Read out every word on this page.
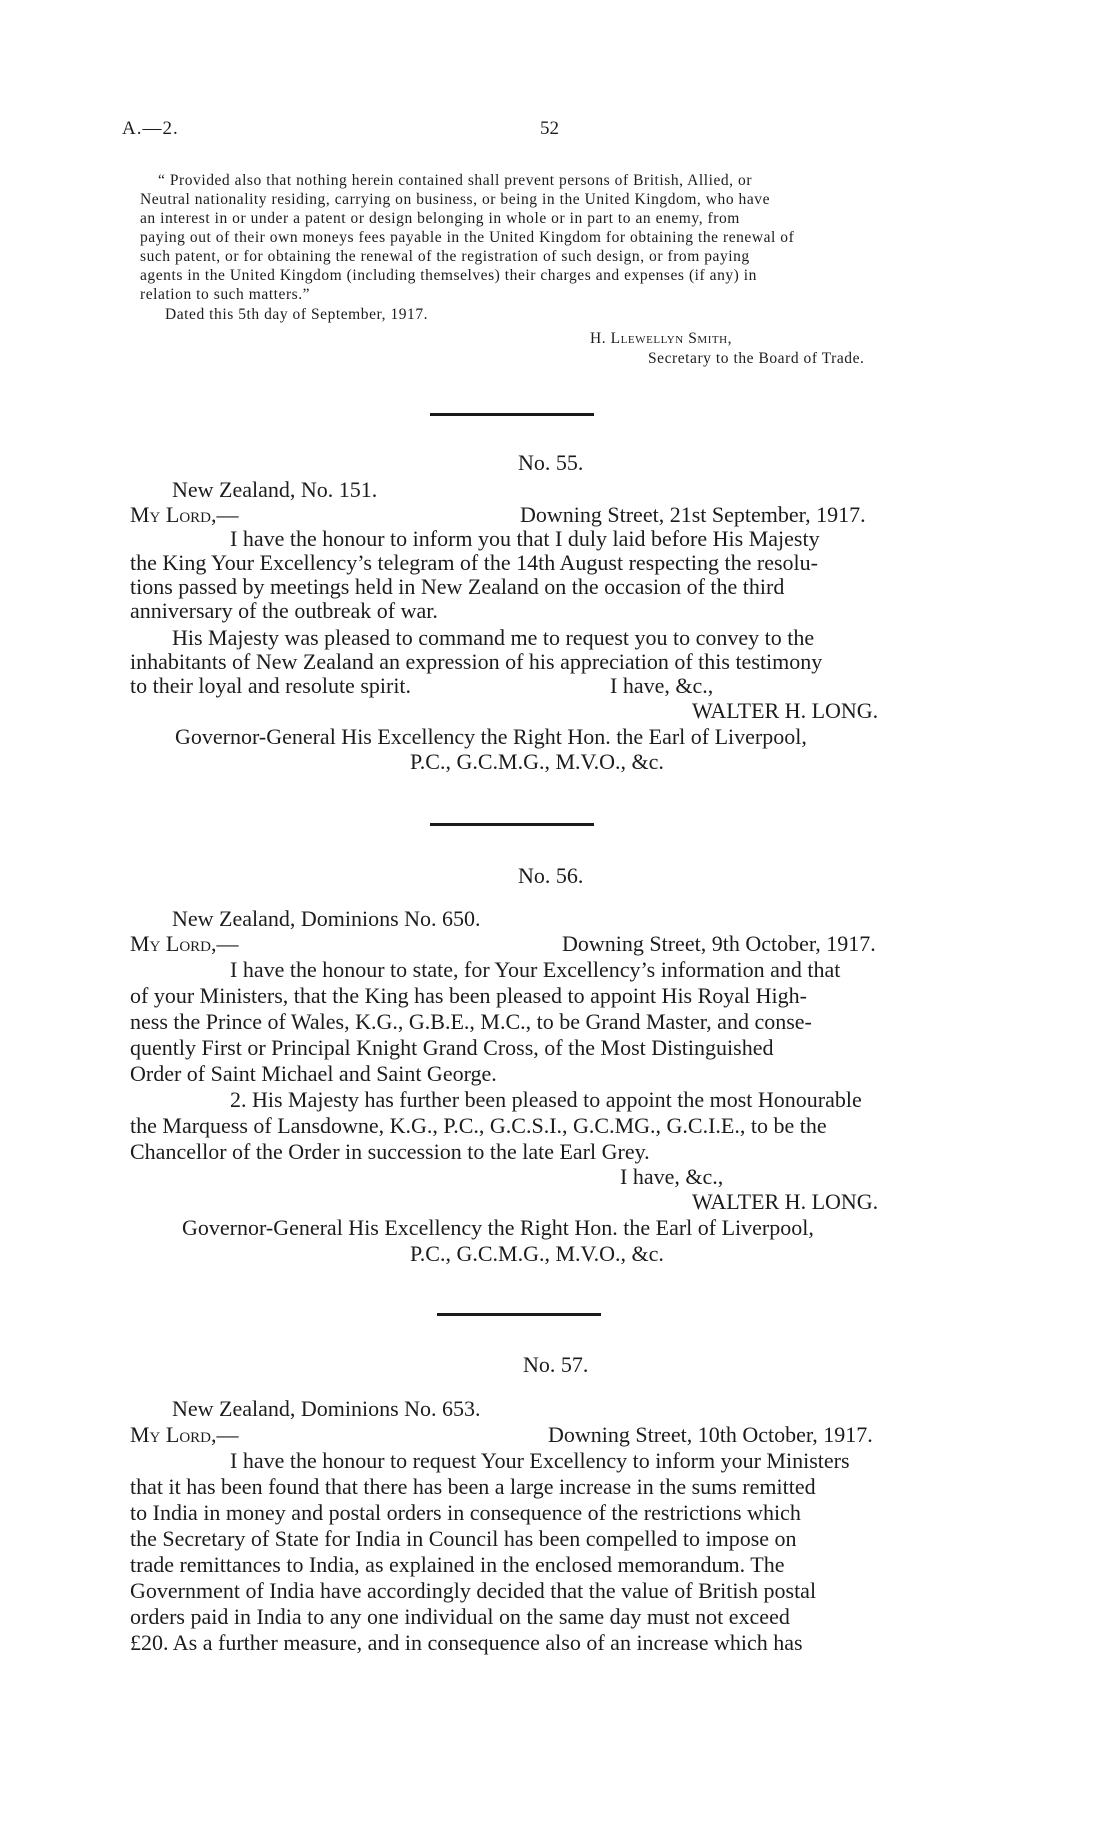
A.—2.	52
“ Provided also that nothing herein contained shall prevent persons of British, Allied, or
Neutral nationality residing, carrying on business, or being in the United Kingdom, who have
an interest in or under a patent or design belonging in whole or in part to an enemy, from
paying out of their own moneys fees payable in the United Kingdom for obtaining the renewal of
such patent, or for obtaining the renewal of the registration of such design, or from paying
agents in the United Kingdom (including themselves) their charges and expenses (if any) in
relation to such matters.”
Dated this 5th day of September, 1917.
H. Llewellyn Smith,
Secretary to the Board of Trade.
No. 55.
New Zealand, No. 151.
My Lord,—	Downing Street, 21st September, 1917.
I have the honour to inform you that I duly laid before His Majesty
the King Your Excellency’s telegram of the 14th August respecting the resolu-
tions passed by meetings held in New Zealand on the occasion of the third
anniversary of the outbreak of war.
His Majesty was pleased to command me to request you to convey to the
inhabitants of New Zealand an expression of his appreciation of this testimony
to their loyal and resolute spirit.	I have, &c.,
WALTER H. LONG.
Governor-General His Excellency the Right Hon. the Earl of Liverpool,
P.C., G.C.M.G., M.V.O., &c.
No. 56.
New Zealand, Dominions No. 650.
My Lord,—	Downing Street, 9th October, 1917.
I have the honour to state, for Your Excellency’s information and that
of your Ministers, that the King has been pleased to appoint His Royal High-
ness the Prince of Wales, K.G., G.B.E., M.C., to be Grand Master, and conse-
quently First or Principal Knight Grand Cross, of the Most Distinguished
Order of Saint Michael and Saint George.
2. His Majesty has further been pleased to appoint the most Honourable
the Marquess of Lansdowne, K.G., P.C., G.C.S.I., G.C.MG., G.C.I.E., to be the
Chancellor of the Order in succession to the late Earl Grey.
I have, &c.,
WALTER H. LONG.
Governor-General His Excellency the Right Hon. the Earl of Liverpool,
P.C., G.C.M.G., M.V.O., &c.
No. 57.
New Zealand, Dominions No. 653.
My Lord,—	Downing Street, 10th October, 1917.
I have the honour to request Your Excellency to inform your Ministers
that it has been found that there has been a large increase in the sums remitted
to India in money and postal orders in consequence of the restrictions which
the Secretary of State for India in Council has been compelled to impose on
trade remittances to India, as explained in the enclosed memorandum. The
Government of India have accordingly decided that the value of British postal
orders paid in India to any one individual on the same day must not exceed
£20. As a further measure, and in consequence also of an increase which has
